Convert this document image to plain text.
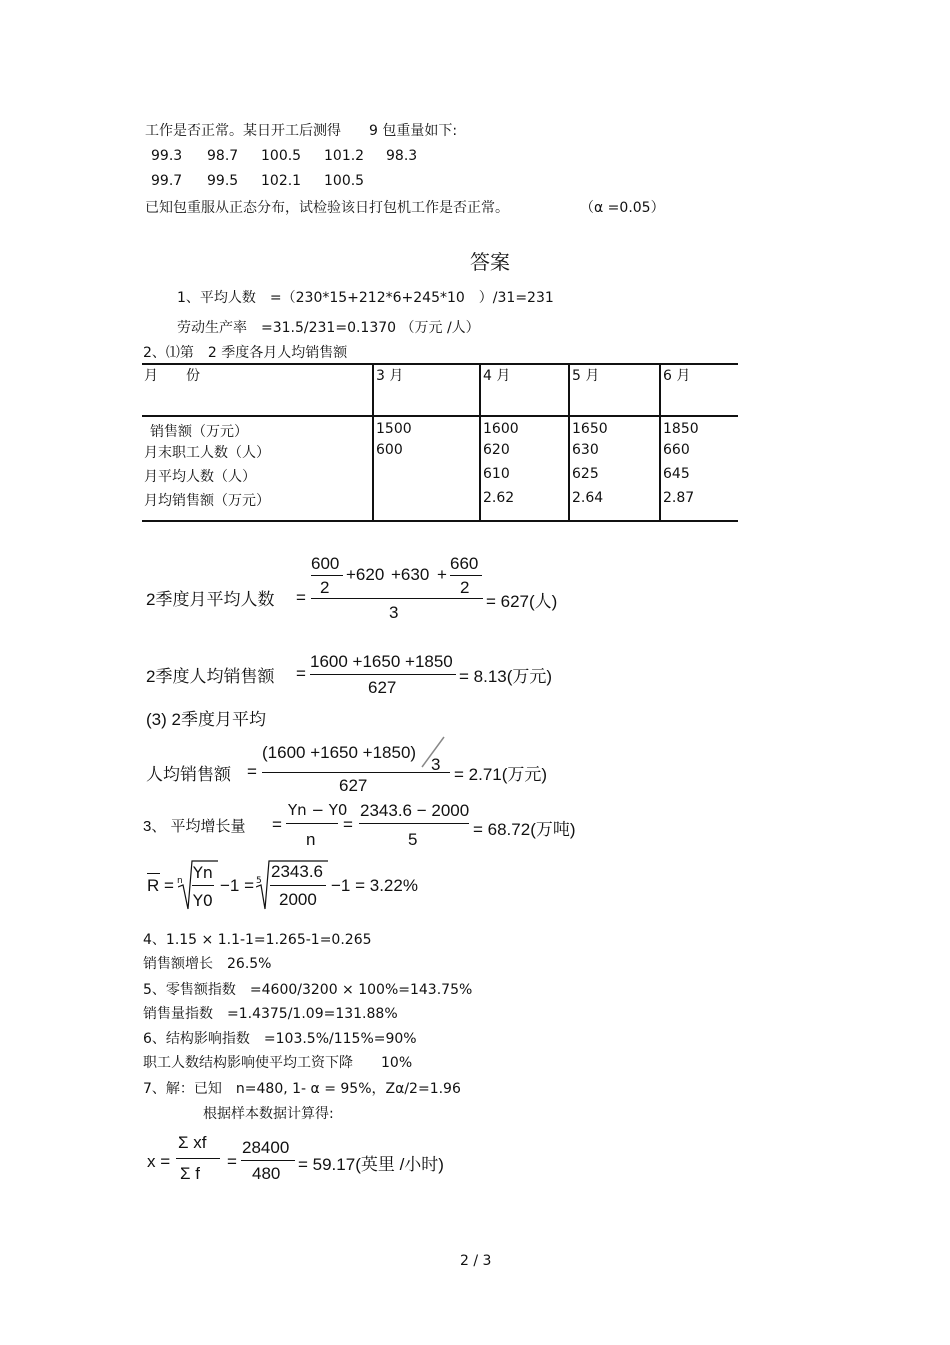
工作是否正常。某日开工后测得　　9 包重量如下:
99.3 98.7 100.5 101.2 98.3
99.7 99.5 102.1 100.5
已知包重服从正态分布，试检验该日打包机工作是否正常。	（α =0.05）
答案
1、平均人数　=（230*15+212*6+245*10　）/31=231
劳动生产率　=31.5/231=0.1370 （万元 /人）
2、⑴第　2 季度各月人均销售额
月　　份	3 月	4 月	5 月	6 月
销售额（万元）	1500	1600	1650	1850
月末职工人数（人）	600	620	630	660
月平均人数（人）		610	625	645
月均销售额（万元）		2.62	2.64	2.87
2季度月平均人数 =
600
2
+620 +630 +
660
2
3
= 627(人)
2季度人均销售额 =
1600 +1650 +1850
627
= 8.13(万元)
(3) 2季度月平均
人均销售额 =
(1600 +1650 +1850)
3
627
= 2.71(万元)
3、 平均增长量 =
Yn − Y0
n
=
2343.6 − 2000
5
= 68.72(万吨)
R = n Yn
Y0
−1 = 5 2343.6
2000
−1 = 3.22%
4、1.15 × 1.1-1=1.265-1=0.265
销售额增长　26.5%
5、零售额指数　=4600/3200 × 100%=143.75%
销售量指数　=1.4375/1.09=131.88%
6、结构影响指数　=103.5%/115%=90%
职工人数结构影响使平均工资下降　　10%
7、解：已知　n=480, 1- α = 95%，Zα/2=1.96
根据样本数据计算得:
x =
Σ xf
Σ f
=
28400
480 = 59.17(英里 /小时)
2 / 3
